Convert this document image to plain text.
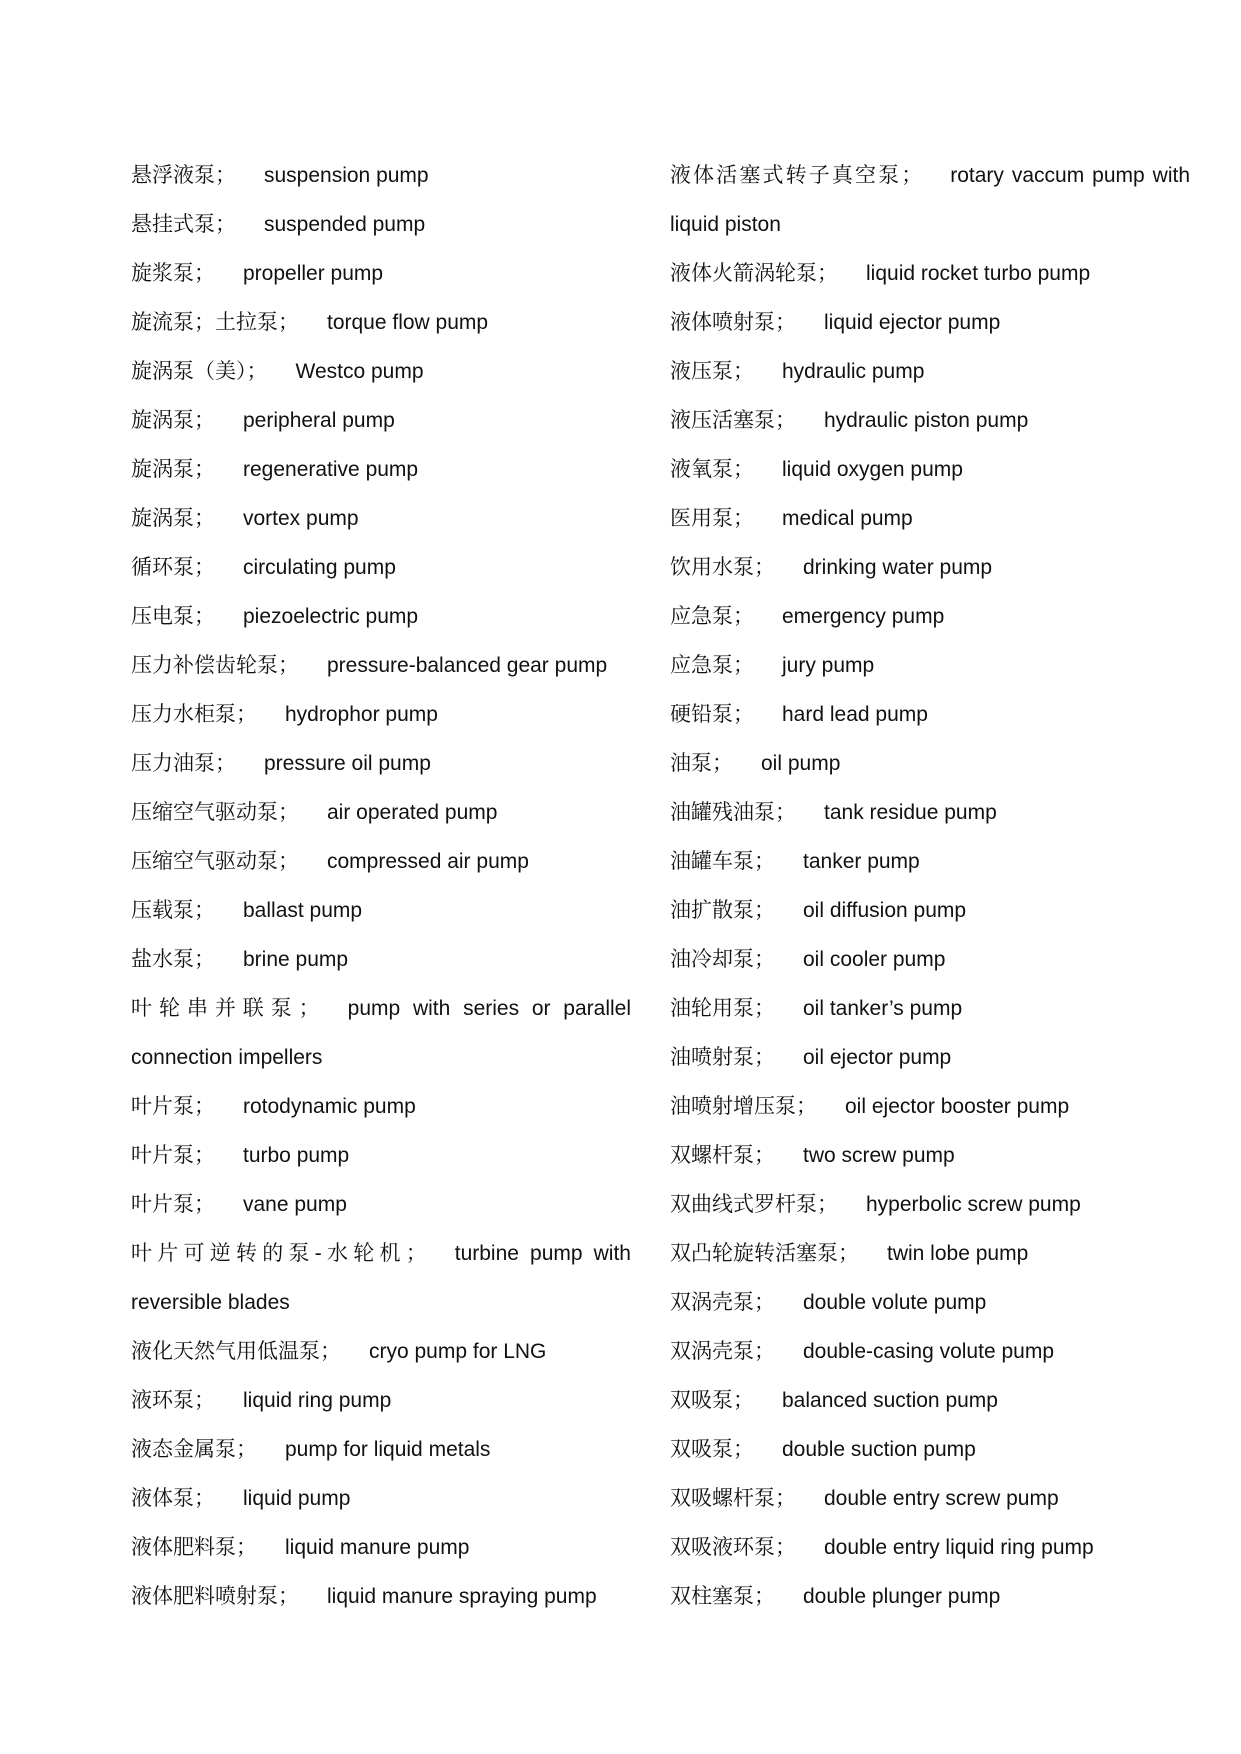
悬浮液泵； suspension pump
悬挂式泵； suspended pump
旋浆泵； propeller pump
旋流泵；土拉泵； torque flow pump
旋涡泵（美）； Westco pump
旋涡泵； peripheral pump
旋涡泵； regenerative pump
旋涡泵； vortex pump
循环泵； circulating pump
压电泵； piezoelectric pump
压力补偿齿轮泵； pressure-balanced gear pump
压力水柜泵； hydrophor pump
压力油泵； pressure oil pump
压缩空气驱动泵； air operated pump
压缩空气驱动泵； compressed air pump
压载泵； ballast pump
盐水泵； brine pump
叶轮串并联泵； pump with series or parallel
connection impellers
叶片泵； rotodynamic pump
叶片泵； turbo pump
叶片泵； vane pump
叶片可逆转的泵-水轮机； turbine pump with
reversible blades
液化天然气用低温泵； cryo pump for LNG
液环泵； liquid ring pump
液态金属泵； pump for liquid metals
液体泵； liquid pump
液体肥料泵； liquid manure pump
液体肥料喷射泵； liquid manure spraying pump
液体活塞式转子真空泵； rotary vaccum pump with
liquid piston
液体火箭涡轮泵； liquid rocket turbo pump
液体喷射泵； liquid ejector pump
液压泵； hydraulic pump
液压活塞泵； hydraulic piston pump
液氧泵； liquid oxygen pump
医用泵； medical pump
饮用水泵； drinking water pump
应急泵； emergency pump
应急泵； jury pump
硬铅泵； hard lead pump
油泵； oil pump
油罐残油泵； tank residue pump
油罐车泵； tanker pump
油扩散泵； oil diffusion pump
油冷却泵； oil cooler pump
油轮用泵； oil tanker’s pump
油喷射泵； oil ejector pump
油喷射增压泵； oil ejector booster pump
双螺杆泵； two screw pump
双曲线式罗杆泵； hyperbolic screw pump
双凸轮旋转活塞泵； twin lobe pump
双涡壳泵； double volute pump
双涡壳泵； double-casing volute pump
双吸泵； balanced suction pump
双吸泵； double suction pump
双吸螺杆泵； double entry screw pump
双吸液环泵； double entry liquid ring pump
双柱塞泵； double plunger pump
